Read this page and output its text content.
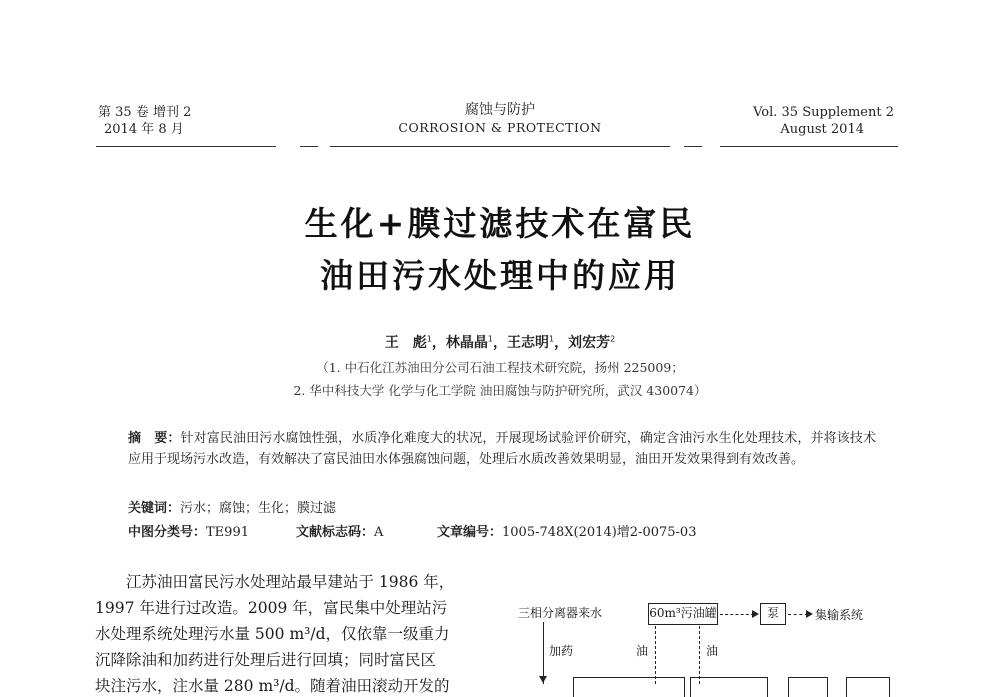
第 35 卷 增刊 2
2014 年 8 月
腐蚀与防护
CORROSION & PROTECTION
Vol. 35 Supplement 2
August 2014
生化+膜过滤技术在富民
油田污水处理中的应用
王　彪$^1$，林晶晶$^1$，王志明$^1$，刘宏芳$^2$
（1. 中石化江苏油田分公司石油工程技术研究院，扬州 225009；
2. 华中科技大学 化学与化工学院 油田腐蚀与防护研究所，武汉 430074）
摘　要：针对富民油田污水腐蚀性强，水质净化难度大的状况，开展现场试验评价研究，确定含油污水生化处理技术，并将该技术应用于现场污水改造，有效解决了富民油田水体强腐蚀问题，处理后水质改善效果明显，油田开发效果得到有效改善。
关键词：污水；腐蚀；生化；膜过滤
中图分类号：TE991	文献标志码：A	文章编号：1005-748X(2014)增2-0075-03
江苏油田富民污水处理站最早建站于 1986 年，
1997 年进行过改造。2009 年，富民集中处理站污
水处理系统处理污水量 500 m³/d，仅依靠一级重力
沉降除油和加药进行处理后进行回填；同时富民区
块注污水，注水量 280 m³/d。随着油田滚动开发的
三相分离器来水	60m³污油罐	泵	集输系统
加药	油	油
